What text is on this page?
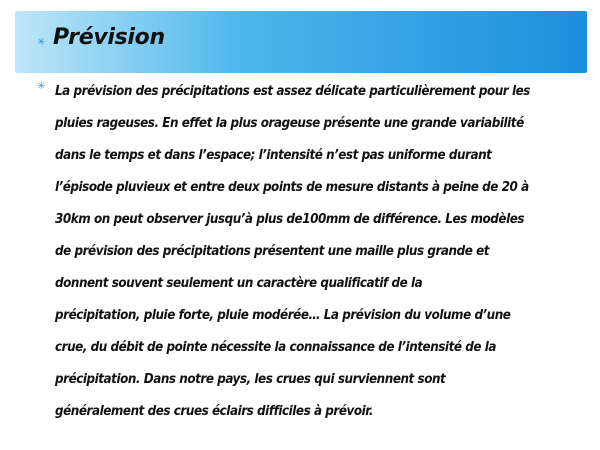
✳ Prévision
✳ La prévision des précipitations est assez délicate particulièrement pour les
pluies rageuses. En effet la plus orageuse présente une grande variabilité
dans le temps et dans l’espace; l’intensité n’est pas uniforme durant
l’épisode pluvieux et entre deux points de mesure distants à peine de 20 à
30km on peut observer jusqu’à plus de100mm de différence. Les modèles
de prévision des précipitations présentent une maille plus grande et
donnent souvent seulement un caractère qualificatif de la
précipitation, pluie forte, pluie modérée… La prévision du volume d’une
crue, du débit de pointe nécessite la connaissance de l’intensité de la
précipitation. Dans notre pays, les crues qui surviennent sont
généralement des crues éclairs difficiles à prévoir.
